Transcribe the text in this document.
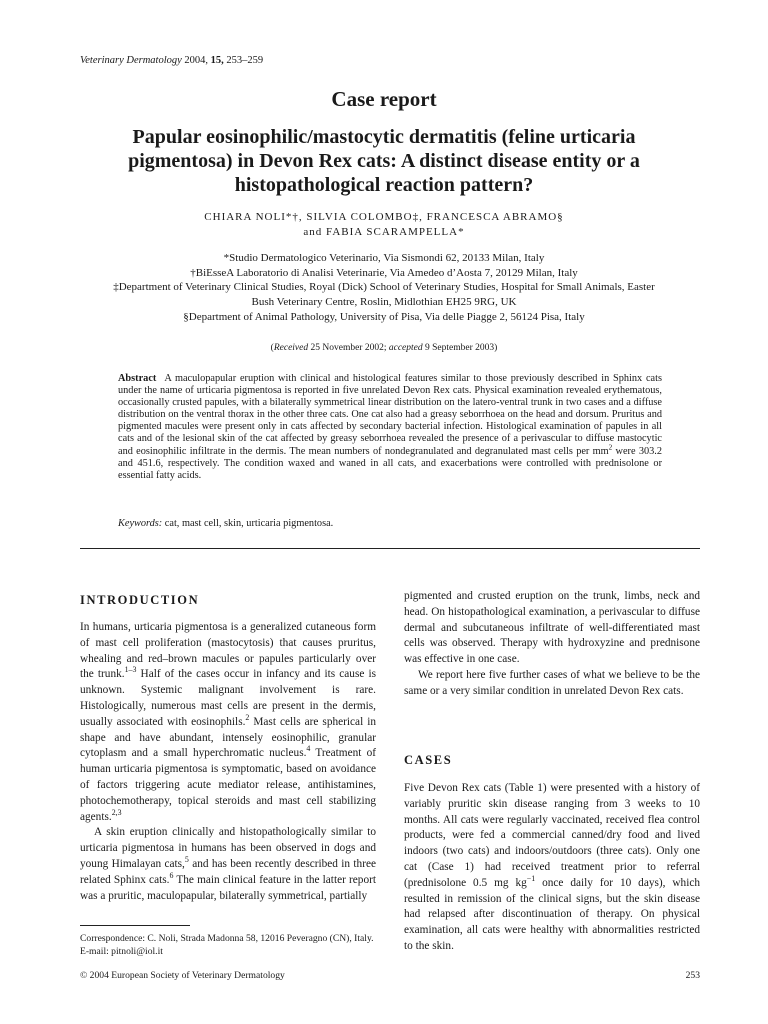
Veterinary Dermatology 2004, 15, 253–259
Case report
Papular eosinophilic/mastocytic dermatitis (feline urticaria pigmentosa) in Devon Rex cats: A distinct disease entity or a histopathological reaction pattern?
CHIARA NOLI*†, SILVIA COLOMBO‡, FRANCESCA ABRAMO§
and FABIA SCARAMPELLA*
*Studio Dermatologico Veterinario, Via Sismondi 62, 20133 Milan, Italy
†BiEsseA Laboratorio di Analisi Veterinarie, Via Amedeo d’Aosta 7, 20129 Milan, Italy
‡Department of Veterinary Clinical Studies, Royal (Dick) School of Veterinary Studies, Hospital for Small Animals, Easter Bush Veterinary Centre, Roslin, Midlothian EH25 9RG, UK
§Department of Animal Pathology, University of Pisa, Via delle Piagge 2, 56124 Pisa, Italy
(Received 25 November 2002; accepted 9 September 2003)
Abstract A maculopapular eruption with clinical and histological features similar to those previously described in Sphinx cats under the name of urticaria pigmentosa is reported in five unrelated Devon Rex cats. Physical examination revealed erythematous, occasionally crusted papules, with a bilaterally symmetrical linear distribution on the latero-ventral trunk in two cases and a diffuse distribution on the ventral thorax in the other three cats. One cat also had a greasy seborrhoea on the head and dorsum. Pruritus and pigmented macules were present only in cats affected by secondary bacterial infection. Histological examination of papules in all cats and of the lesional skin of the cat affected by greasy seborrhoea revealed the presence of a perivascular to diffuse mastocytic and eosinophilic infiltrate in the dermis. The mean numbers of nondegranulated and degranulated mast cells per $mm^2$ were 303.2 and 451.6, respectively. The condition waxed and waned in all cats, and exacerbations were controlled with prednisolone or essential fatty acids.
Keywords: cat, mast cell, skin, urticaria pigmentosa.
INTRODUCTION

In humans, urticaria pigmentosa is a generalized cutaneous form of mast cell proliferation (mastocytosis) that causes pruritus, whealing and red–brown macules or papules particularly over the trunk.$^{1-3}$ Half of the cases occur in infancy and its cause is unknown. Systemic malignant involvement is rare. Histologically, numerous mast cells are present in the dermis, usually associated with eosinophils.$^2$ Mast cells are spherical in shape and have abundant, intensely eosinophilic, granular cytoplasm and a small hyperchromatic nucleus.$^4$ Treatment of human urticaria pigmentosa is symptomatic, based on avoidance of factors triggering acute mediator release, antihistamines, photochemotherapy, topical steroids and mast cell stabilizing agents.$^{2,3}$

A skin eruption clinically and histopathologically similar to urticaria pigmentosa in humans has been observed in dogs and young Himalayan cats,$^5$ and has been recently described in three related Sphinx cats.$^6$ The main clinical feature in the latter report was a pruritic, maculopapular, bilaterally symmetrical, partially

pigmented and crusted eruption on the trunk, limbs, neck and head. On histopathological examination, a perivascular to diffuse dermal and subcutaneous infiltrate of well-differentiated mast cells was observed. Therapy with hydroxyzine and prednisone was effective in one case.

We report here five further cases of what we believe to be the same or a very similar condition in unrelated Devon Rex cats.

CASES

Five Devon Rex cats (Table 1) were presented with a history of variably pruritic skin disease ranging from 3 weeks to 10 months. All cats were regularly vaccinated, received flea control products, were fed a commercial canned/dry food and lived indoors (two cats) and indoors/outdoors (three cats). Only one cat (Case 1) had received treatment prior to referral (prednisolone 0.5 mg $kg^{-1}$ once daily for 10 days), which resulted in remission of the clinical signs, but the skin disease had relapsed after discontinuation of therapy. On physical examination, all cats were healthy with abnormalities restricted to the skin.

Correspondence: C. Noli, Strada Madonna 58, 12016 Peveragno (CN), Italy. E-mail: pitnoli@iol.it
© 2004 European Society of Veterinary Dermatology	253
